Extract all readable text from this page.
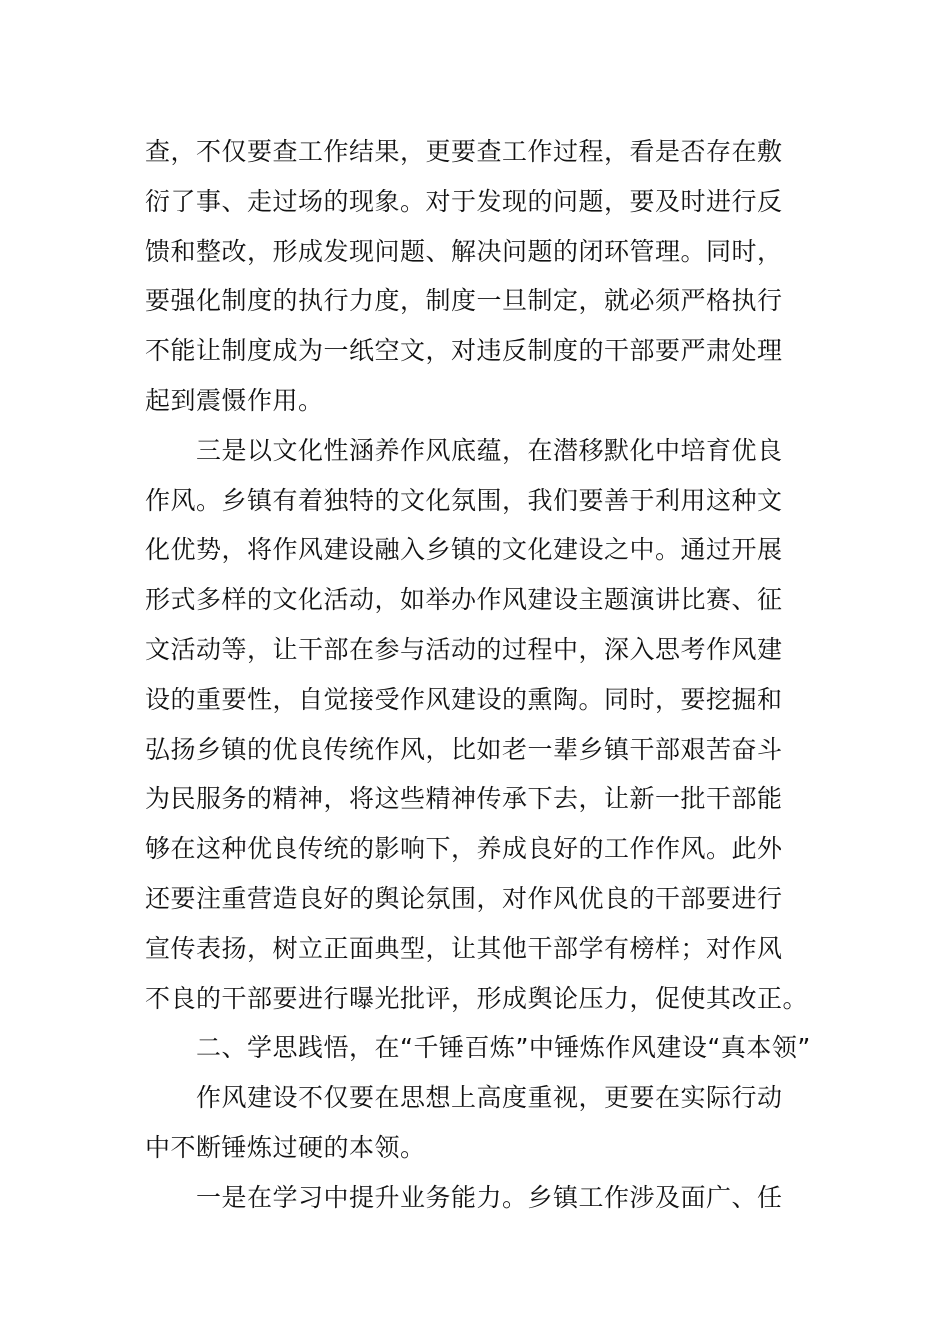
查，不仅要查工作结果，更要查工作过程，看是否存在敷
衍了事、走过场的现象。对于发现的问题，要及时进行反
馈和整改，形成发现问题、解决问题的闭环管理。同时，
要强化制度的执行力度，制度一旦制定，就必须严格执行
不能让制度成为一纸空文，对违反制度的干部要严肃处理
起到震慑作用。
三是以文化性涵养作风底蕴，在潜移默化中培育优良
作风。乡镇有着独特的文化氛围，我们要善于利用这种文
化优势，将作风建设融入乡镇的文化建设之中。通过开展
形式多样的文化活动，如举办作风建设主题演讲比赛、征
文活动等，让干部在参与活动的过程中，深入思考作风建
设的重要性，自觉接受作风建设的熏陶。同时，要挖掘和
弘扬乡镇的优良传统作风，比如老一辈乡镇干部艰苦奋斗
为民服务的精神，将这些精神传承下去，让新一批干部能
够在这种优良传统的影响下，养成良好的工作作风。此外
还要注重营造良好的舆论氛围，对作风优良的干部要进行
宣传表扬，树立正面典型，让其他干部学有榜样；对作风
不良的干部要进行曝光批评，形成舆论压力，促使其改正。
二、学思践悟，在“千锤百炼”中锤炼作风建设“真本领”
作风建设不仅要在思想上高度重视，更要在实际行动
中不断锤炼过硬的本领。
一是在学习中提升业务能力。乡镇工作涉及面广、任
